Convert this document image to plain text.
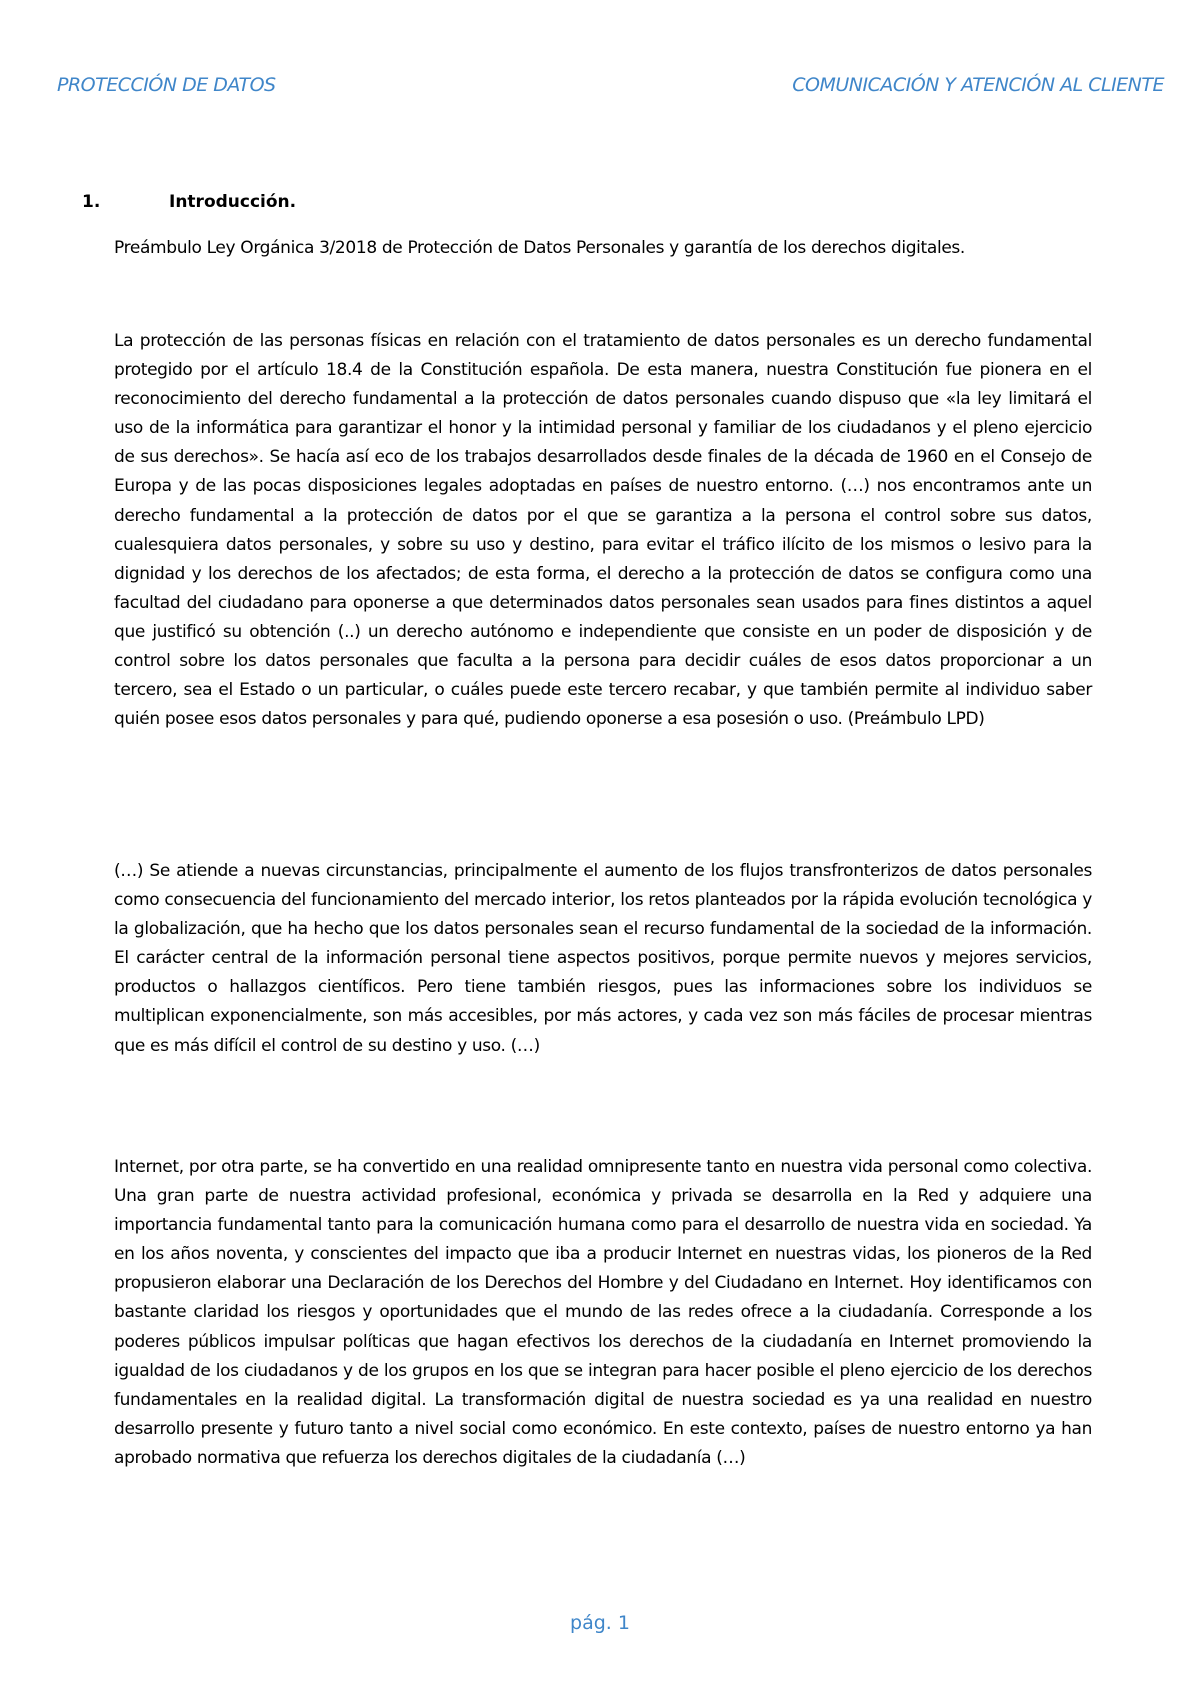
PROTECCIÓN DE DATOS	COMUNICACIÓN Y ATENCIÓN AL CLIENTE

1.	Introducción.

Preámbulo Ley Orgánica 3/2018 de Protección de Datos Personales y garantía de los derechos digitales.

La protección de las personas físicas en relación con el tratamiento de datos personales es un derecho fundamental protegido por el artículo 18.4 de la Constitución española. De esta manera, nuestra Constitución fue pionera en el reconocimiento del derecho fundamental a la protección de datos personales cuando dispuso que «la ley limitará el uso de la informática para garantizar el honor y la intimidad personal y familiar de los ciudadanos y el pleno ejercicio de sus derechos». Se hacía así eco de los trabajos desarrollados desde finales de la década de 1960 en el Consejo de Europa y de las pocas disposiciones legales adoptadas en países de nuestro entorno. (…) nos encontramos ante un derecho fundamental a la protección de datos por el que se garantiza a la persona el control sobre sus datos, cualesquiera datos personales, y sobre su uso y destino, para evitar el tráfico ilícito de los mismos o lesivo para la dignidad y los derechos de los afectados; de esta forma, el derecho a la protección de datos se configura como una facultad del ciudadano para oponerse a que determinados datos personales sean usados para fines distintos a aquel que justificó su obtención (..) un derecho autónomo e independiente que consiste en un poder de disposición y de control sobre los datos personales que faculta a la persona para decidir cuáles de esos datos proporcionar a un tercero, sea el Estado o un particular, o cuáles puede este tercero recabar, y que también permite al individuo saber quién posee esos datos personales y para qué, pudiendo oponerse a esa posesión o uso. (Preámbulo LPD)

(…) Se atiende a nuevas circunstancias, principalmente el aumento de los flujos transfronterizos de datos personales como consecuencia del funcionamiento del mercado interior, los retos planteados por la rápida evolución tecnológica y la globalización, que ha hecho que los datos personales sean el recurso fundamental de la sociedad de la información. El carácter central de la información personal tiene aspectos positivos, porque permite nuevos y mejores servicios, productos o hallazgos científicos. Pero tiene también riesgos, pues las informaciones sobre los individuos se multiplican exponencialmente, son más accesibles, por más actores, y cada vez son más fáciles de procesar mientras que es más difícil el control de su destino y uso. (…)

Internet, por otra parte, se ha convertido en una realidad omnipresente tanto en nuestra vida personal como colectiva. Una gran parte de nuestra actividad profesional, económica y privada se desarrolla en la Red y adquiere una importancia fundamental tanto para la comunicación humana como para el desarrollo de nuestra vida en sociedad. Ya en los años noventa, y conscientes del impacto que iba a producir Internet en nuestras vidas, los pioneros de la Red propusieron elaborar una Declaración de los Derechos del Hombre y del Ciudadano en Internet. Hoy identificamos con bastante claridad los riesgos y oportunidades que el mundo de las redes ofrece a la ciudadanía. Corresponde a los poderes públicos impulsar políticas que hagan efectivos los derechos de la ciudadanía en Internet promoviendo la igualdad de los ciudadanos y de los grupos en los que se integran para hacer posible el pleno ejercicio de los derechos fundamentales en la realidad digital. La transformación digital de nuestra sociedad es ya una realidad en nuestro desarrollo presente y futuro tanto a nivel social como económico. En este contexto, países de nuestro entorno ya han aprobado normativa que refuerza los derechos digitales de la ciudadanía (…)

pág. 1
